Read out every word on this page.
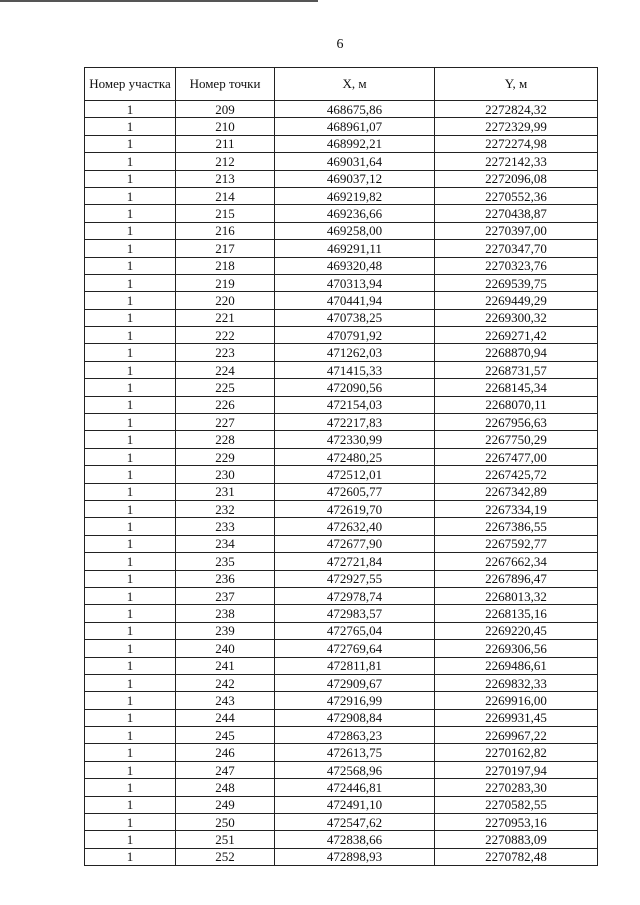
6
Номер участка	Номер точки	X, м	Y, м
1	209	468675,86	2272824,32
1	210	468961,07	2272329,99
1	211	468992,21	2272274,98
1	212	469031,64	2272142,33
1	213	469037,12	2272096,08
1	214	469219,82	2270552,36
1	215	469236,66	2270438,87
1	216	469258,00	2270397,00
1	217	469291,11	2270347,70
1	218	469320,48	2270323,76
1	219	470313,94	2269539,75
1	220	470441,94	2269449,29
1	221	470738,25	2269300,32
1	222	470791,92	2269271,42
1	223	471262,03	2268870,94
1	224	471415,33	2268731,57
1	225	472090,56	2268145,34
1	226	472154,03	2268070,11
1	227	472217,83	2267956,63
1	228	472330,99	2267750,29
1	229	472480,25	2267477,00
1	230	472512,01	2267425,72
1	231	472605,77	2267342,89
1	232	472619,70	2267334,19
1	233	472632,40	2267386,55
1	234	472677,90	2267592,77
1	235	472721,84	2267662,34
1	236	472927,55	2267896,47
1	237	472978,74	2268013,32
1	238	472983,57	2268135,16
1	239	472765,04	2269220,45
1	240	472769,64	2269306,56
1	241	472811,81	2269486,61
1	242	472909,67	2269832,33
1	243	472916,99	2269916,00
1	244	472908,84	2269931,45
1	245	472863,23	2269967,22
1	246	472613,75	2270162,82
1	247	472568,96	2270197,94
1	248	472446,81	2270283,30
1	249	472491,10	2270582,55
1	250	472547,62	2270953,16
1	251	472838,66	2270883,09
1	252	472898,93	2270782,48
